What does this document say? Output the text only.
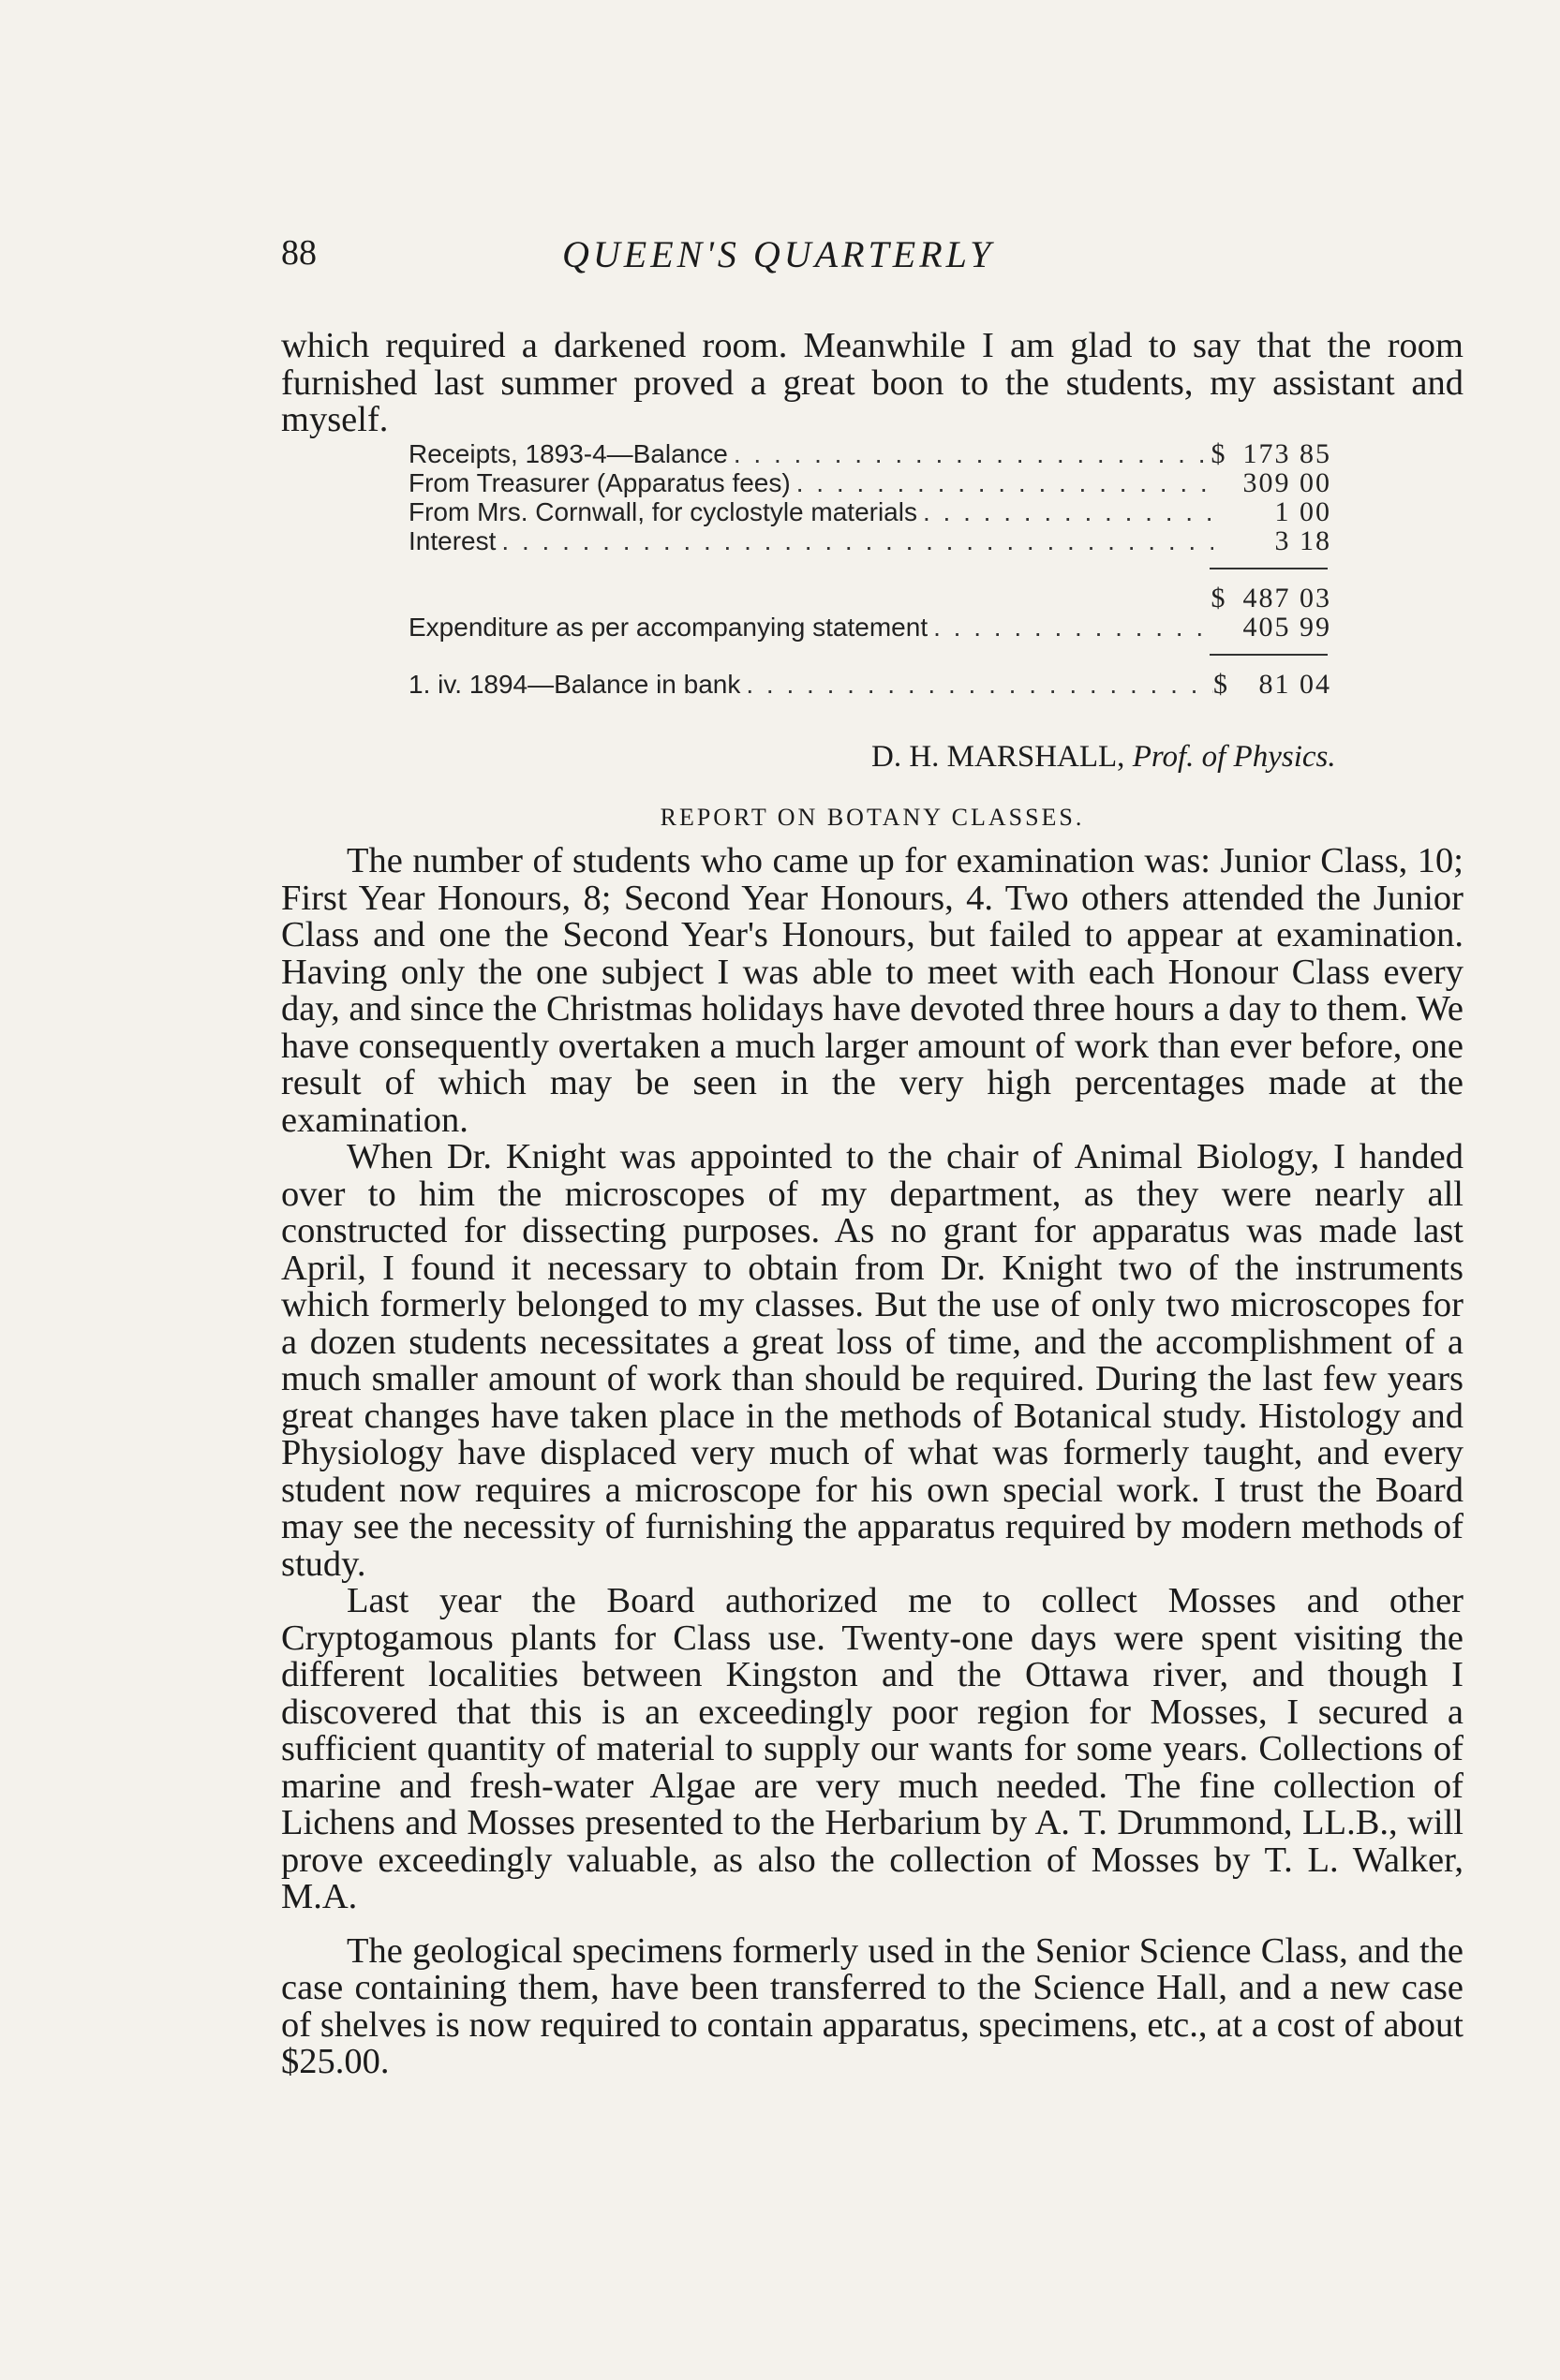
88	QUEEN'S QUARTERLY

which required a darkened room. Meanwhile I am glad to say that the room furnished last summer proved a great boon to the students, my assistant and myself.

Receipts, 1893-4—Balance . . .	$ 173 85
From Treasurer (Apparatus fees) . . .	309 00
From Mrs. Cornwall, for cyclostyle materials . . .	1 00
Interest . . .	3 18
$ 487 03
Expenditure as per accompanying statement . . .	405 99
1. iv. 1894—Balance in bank . . .	$	81 04
D. H. MARSHALL, Prof. of Physics.
REPORT ON BOTANY CLASSES.

The number of students who came up for examination was: Junior Class, 10; First Year Honours, 8; Second Year Honours, 4. Two others attended the Junior Class and one the Second Year's Honours, but failed to appear at examination. Having only the one subject I was able to meet with each Honour Class every day, and since the Christmas holidays have devoted three hours a day to them. We have consequently overtaken a much larger amount of work than ever before, one result of which may be seen in the very high percentages made at the examination.

When Dr. Knight was appointed to the chair of Animal Biology, I handed over to him the microscopes of my department, as they were nearly all constructed for dissecting purposes. As no grant for apparatus was made last April, I found it necessary to obtain from Dr. Knight two of the instruments which formerly belonged to my classes. But the use of only two microscopes for a dozen students necessitates a great loss of time, and the accomplishment of a much smaller amount of work than should be required. During the last few years great changes have taken place in the methods of Botanical study. Histology and Physiology have displaced very much of what was formerly taught, and every student now requires a microscope for his own special work. I trust the Board may see the necessity of furnishing the apparatus required by modern methods of study.

Last year the Board authorized me to collect Mosses and other Cryptogamous plants for Class use. Twenty-one days were spent visiting the different localities between Kingston and the Ottawa river, and though I discovered that this is an exceedingly poor region for Mosses, I secured a sufficient quantity of material to supply our wants for some years. Collections of marine and fresh-water Algae are very much needed. The fine collection of Lichens and Mosses presented to the Herbarium by A. T. Drummond, LL.B., will prove exceedingly valuable, as also the collection of Mosses by T. L. Walker, M.A.

The geological specimens formerly used in the Senior Science Class, and the case containing them, have been transferred to the Science Hall, and a new case of shelves is now required to contain apparatus, specimens, etc., at a cost of about $25.00.
